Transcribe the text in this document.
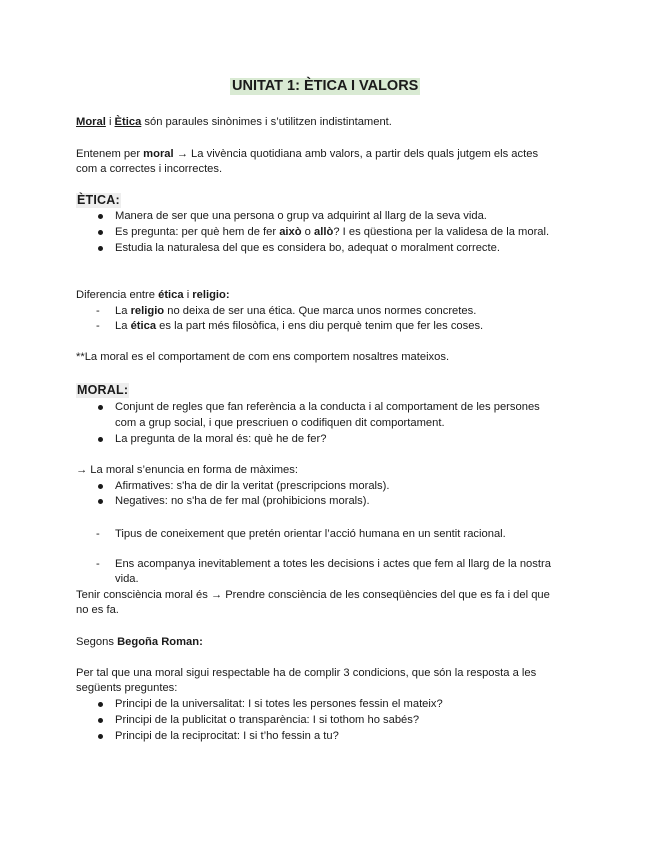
UNITAT 1: ÈTICA I VALORS
Moral i Ètica són paraules sinònimes i s’utilitzen indistintament.
Entenem per moral → La vivència quotidiana amb valors, a partir dels quals jutgem els actes
com a correctes i incorrectes.
ÈTICA:
Manera de ser que una persona o grup va adquirint al llarg de la seva vida.
Es pregunta: per què hem de fer això o allò? I es qüestiona per la validesa de la moral.
Estudia la naturalesa del que es considera bo, adequat o moralment correcte.
Diferencia entre ética i religio:
- La religio no deixa de ser una ética. Que marca unos normes concretes.
- La ética es la part més filosòfica, i ens diu perquè tenim que fer les coses.
**La moral es el comportament de com ens comportem nosaltres mateixos.
MORAL:
Conjunt de regles que fan referència a la conducta i al comportament de les persones
com a grup social, i que prescriuen o codifiquen dit comportament.
La pregunta de la moral és: què he de fer?
→ La moral s’enuncia en forma de màximes:
Afirmatives: s'ha de dir la veritat (prescripcions morals).
Negatives: no s'ha de fer mal (prohibicions morals).
- Tipus de coneixement que pretén orientar l’acció humana en un sentit racional.
- Ens acompanya inevitablement a totes les decisions i actes que fem al llarg de la nostra
vida.
Tenir consciència moral és → Prendre consciència de les conseqüències del que es fa i del que
no es fa.
Segons Begoña Roman:
Per tal que una moral sigui respectable ha de complir 3 condicions, que són la resposta a les
següents preguntes:
Principi de la universalitat: I si totes les persones fessin el mateix?
Principi de la publicitat o transparència: I si tothom ho sabés?
Principi de la reciprocitat: I si t’ho fessin a tu?
